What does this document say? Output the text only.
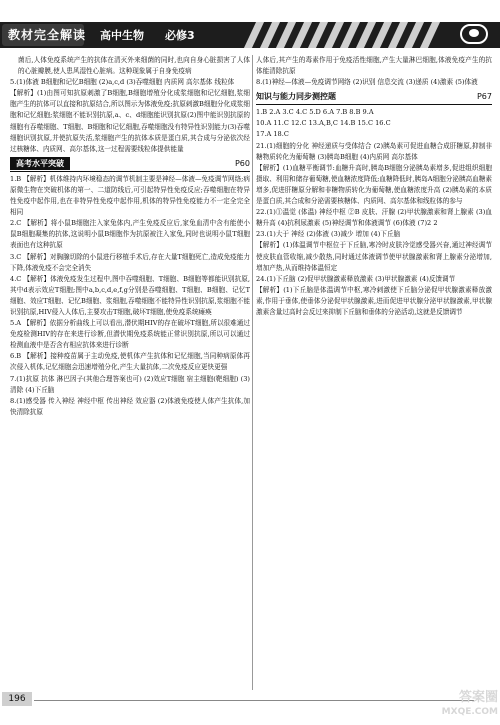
教材完全解读 高中生物 必修3

菌后,人体免疫系统产生的抗体在清灭外来细菌的同时,也向自身心脏损害了人体的心脏瓣膜,使人患风湿性心脏病。这种现象属于自身免疫病

5.(1)体液 B细胞和记忆B细胞 (2)a,c,d (3)吞噬细胞 内质网 高尔基体 线粒体

【解析】(1)由图可知抗原刺激了B细胞,B细胞增殖分化成浆细胞和记忆细胞,浆细胞产生的抗体可以直接和抗原结合,所以图示为体液免疫;抗原刺激B细胞分化成浆细胞和记忆细胞;浆细胞不能识别抗原,a、c、d细胞能识别抗原(2)图中能识别抗原的细胞有吞噬细胞、T细胞、B细胞和记忆细胞,吞噬细胞没有特异性识别能力(3)吞噬细胞识别抗原,并使抗原失活,浆细胞产生的抗体本质是蛋白质,其合成与分泌依次经过核糖体、内质网、高尔基体,这一过程需要线粒体提供能量

高考水平突破	P60

1.B 【解析】机体维持内环境稳态的调节机制主要是神经—体液—免疫调节网络;病原微生物在突破机体的第一、二道防线后,可引起特异性免疫反应;吞噬细胞在特异性免疫中起作用,也在非特异性免疫中起作用,机体的特异性免疫能力不一定全完全相同

2.C 【解析】将小鼠B细胞注入家兔体内,产生免疫反应后,家兔血清中含有能使小鼠B细胞凝集的抗体,这说明小鼠B细胞作为抗原被注入家兔,同时也说明小鼠T细胞表面也有这种抗原

3.C 【解析】对胸腺切除的小鼠进行移植手术后,存在大量T细胞死亡,造成免疫能力下降,体液免疫不会完全消失

4.C 【解析】体液免疫发生过程中,图中吞噬细胞、T细胞、B细胞等都能识别抗原,其中d表示效应T细胞;图中a,b,c,d,e,f,g分别是吞噬细胞、T细胞、B细胞、记忆T细胞、效应T细胞、记忆B细胞、浆细胞,吞噬细胞不能特异性识别抗原,浆细胞不能识别抗原,HIV侵入人体后,主要攻击T细胞,破坏T细胞,使免疫系统瘫痪

5.A 【解析】依据分析曲线上可以看出,潜伏期HIV的存在破坏T细胞,所以很难通过免疫检测HIV的存在来进行诊断,但潜伏期免疫系统能正常识别抗原,所以可以通过检测血液中是否含有相应抗体来进行诊断

6.B 【解析】接种疫苗属于主动免疫,使机体产生抗体和记忆细胞,当同种病原体再次侵入机体,记忆细胞会迅速增殖分化,产生大量抗体,二次免疫反应更快更强

7.(1)抗原 抗体 淋巴因子(其他合理答案也可) (2)效应T细胞 宿主细胞(靶细胞) (3)清除 (4)下丘脑

8.(1)感受器 传入神经 神经中枢 传出神经 效应器 (2)体液免疫使人体产生抗体,加快清除抗原

人体后,其产生的毒素作用于免疫活性细胞,产生大量淋巴细胞,体液免疫产生的抗体能清除抗原

8.(1)神经—体液—免疫调节网络 (2)识别 信息交流 (3)递质 (4)激素 (5)体液

知识与能力同步测控题	P67

1.B 2.A 3.C 4.C 5.D 6.A 7.B 8.B 9.A

10.A 11.C 12.C 13.A,B,C 14.B 15.C 16.C

17.A 18.C

21.(1)细胞的分化 神经递质与受体结合 (2)胰岛素可促进血糖合成肝糖原,抑制非糖物质转化为葡萄糖 (3)胰岛B细胞 (4)内质网 高尔基体

【解析】(1)血糖平衡调节:血糖升高时,胰岛B细胞分泌胰岛素增多,促进组织细胞摄取、利用和储存葡萄糖,使血糖浓度降低;血糖降低时,胰岛A细胞分泌胰高血糖素增多,促进肝糖原分解和非糖物质转化为葡萄糖,使血糖浓度升高 (2)胰岛素的本质是蛋白质,其合成和分泌需要核糖体、内质网、高尔基体和线粒体的参与

22.(1)①温觉 (体温) 神经中枢 ②B 皮肤、汗腺 (2)甲状腺激素和肾上腺素 (3)血糖升高 (4)抗利尿激素 (5)神经调节和体液调节 (6)体液 (7)2 2

23.(1)大于 神经 (2)体液 (3)减少 增加 (4)下丘脑

【解析】(1)体温调节中枢位于下丘脑,寒冷时皮肤冷觉感受器兴奋,通过神经调节使皮肤血管收缩,减少散热,同时通过体液调节使甲状腺激素和肾上腺素分泌增加,增加产热,从而维持体温恒定

24.(1)下丘脑 (2)促甲状腺激素释放激素 (3)甲状腺激素 (4)反馈调节

【解析】(1)下丘脑是体温调节中枢,寒冷刺激使下丘脑分泌促甲状腺激素释放激素,作用于垂体,使垂体分泌促甲状腺激素,进而促进甲状腺分泌甲状腺激素,甲状腺激素含量过高时会反过来抑制下丘脑和垂体的分泌活动,这就是反馈调节

196	答案圈
MXQE.COM
